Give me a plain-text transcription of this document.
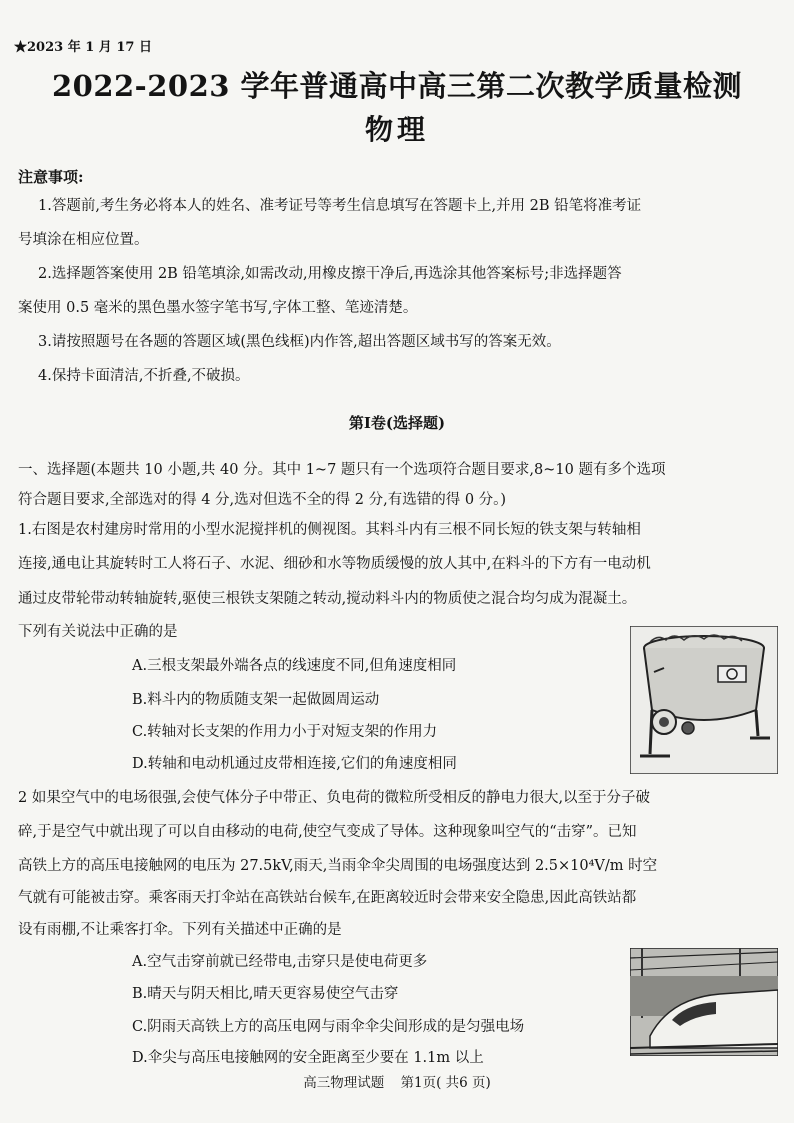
★2023 年 1 月 17 日
2022-2023 学年普通高中高三第二次教学质量检测
物理
注意事项:
1.答题前,考生务必将本人的姓名、准考证号等考生信息填写在答题卡上,并用 2B 铅笔将准考证
号填涂在相应位置。
2.选择题答案使用 2B 铅笔填涂,如需改动,用橡皮擦干净后,再选涂其他答案标号;非选择题答
案使用 0.5 毫米的黑色墨水签字笔书写,字体工整、笔迹清楚。
3.请按照题号在各题的答题区域(黑色线框)内作答,超出答题区域书写的答案无效。
4.保持卡面清洁,不折叠,不破损。
第Ⅰ卷(选择题)
一、选择题(本题共 10 小题,共 40 分。其中 1~7 题只有一个选项符合题目要求,8~10 题有多个选项
符合题目要求,全部选对的得 4 分,选对但选不全的得 2 分,有选错的得 0 分。)
1.右图是农村建房时常用的小型水泥搅拌机的侧视图。其料斗内有三根不同长短的铁支架与转轴相
连接,通电让其旋转时工人将石子、水泥、细砂和水等物质缓慢的放人其中,在料斗的下方有一电动机
通过皮带轮带动转轴旋转,驱使三根铁支架随之转动,搅动料斗内的物质使之混合均匀成为混凝土。
下列有关说法中正确的是
A.三根支架最外端各点的线速度不同,但角速度相同
B.料斗内的物质随支架一起做圆周运动
C.转轴对长支架的作用力小于对短支架的作用力
D.转轴和电动机通过皮带相连接,它们的角速度相同
2 如果空气中的电场很强,会使气体分子中带正、负电荷的微粒所受相反的静电力很大,以至于分子破
碎,于是空气中就出现了可以自由移动的电荷,使空气变成了导体。这种现象叫空气的“击穿”。已知
高铁上方的高压电接触网的电压为 27.5kV,雨天,当雨伞伞尖周围的电场强度达到 2.5×10⁴V/m 时空
气就有可能被击穿。乘客雨天打伞站在高铁站台候车,在距离较近时会带来安全隐患,因此高铁站都
设有雨棚,不让乘客打伞。下列有关描述中正确的是
A.空气击穿前就已经带电,击穿只是使电荷更多
B.晴天与阴天相比,晴天更容易使空气击穿
C.阴雨天高铁上方的高压电网与雨伞伞尖间形成的是匀强电场
D.伞尖与高压电接触网的安全距离至少要在 1.1m 以上
高三物理试题 第1页( 共6 页)
